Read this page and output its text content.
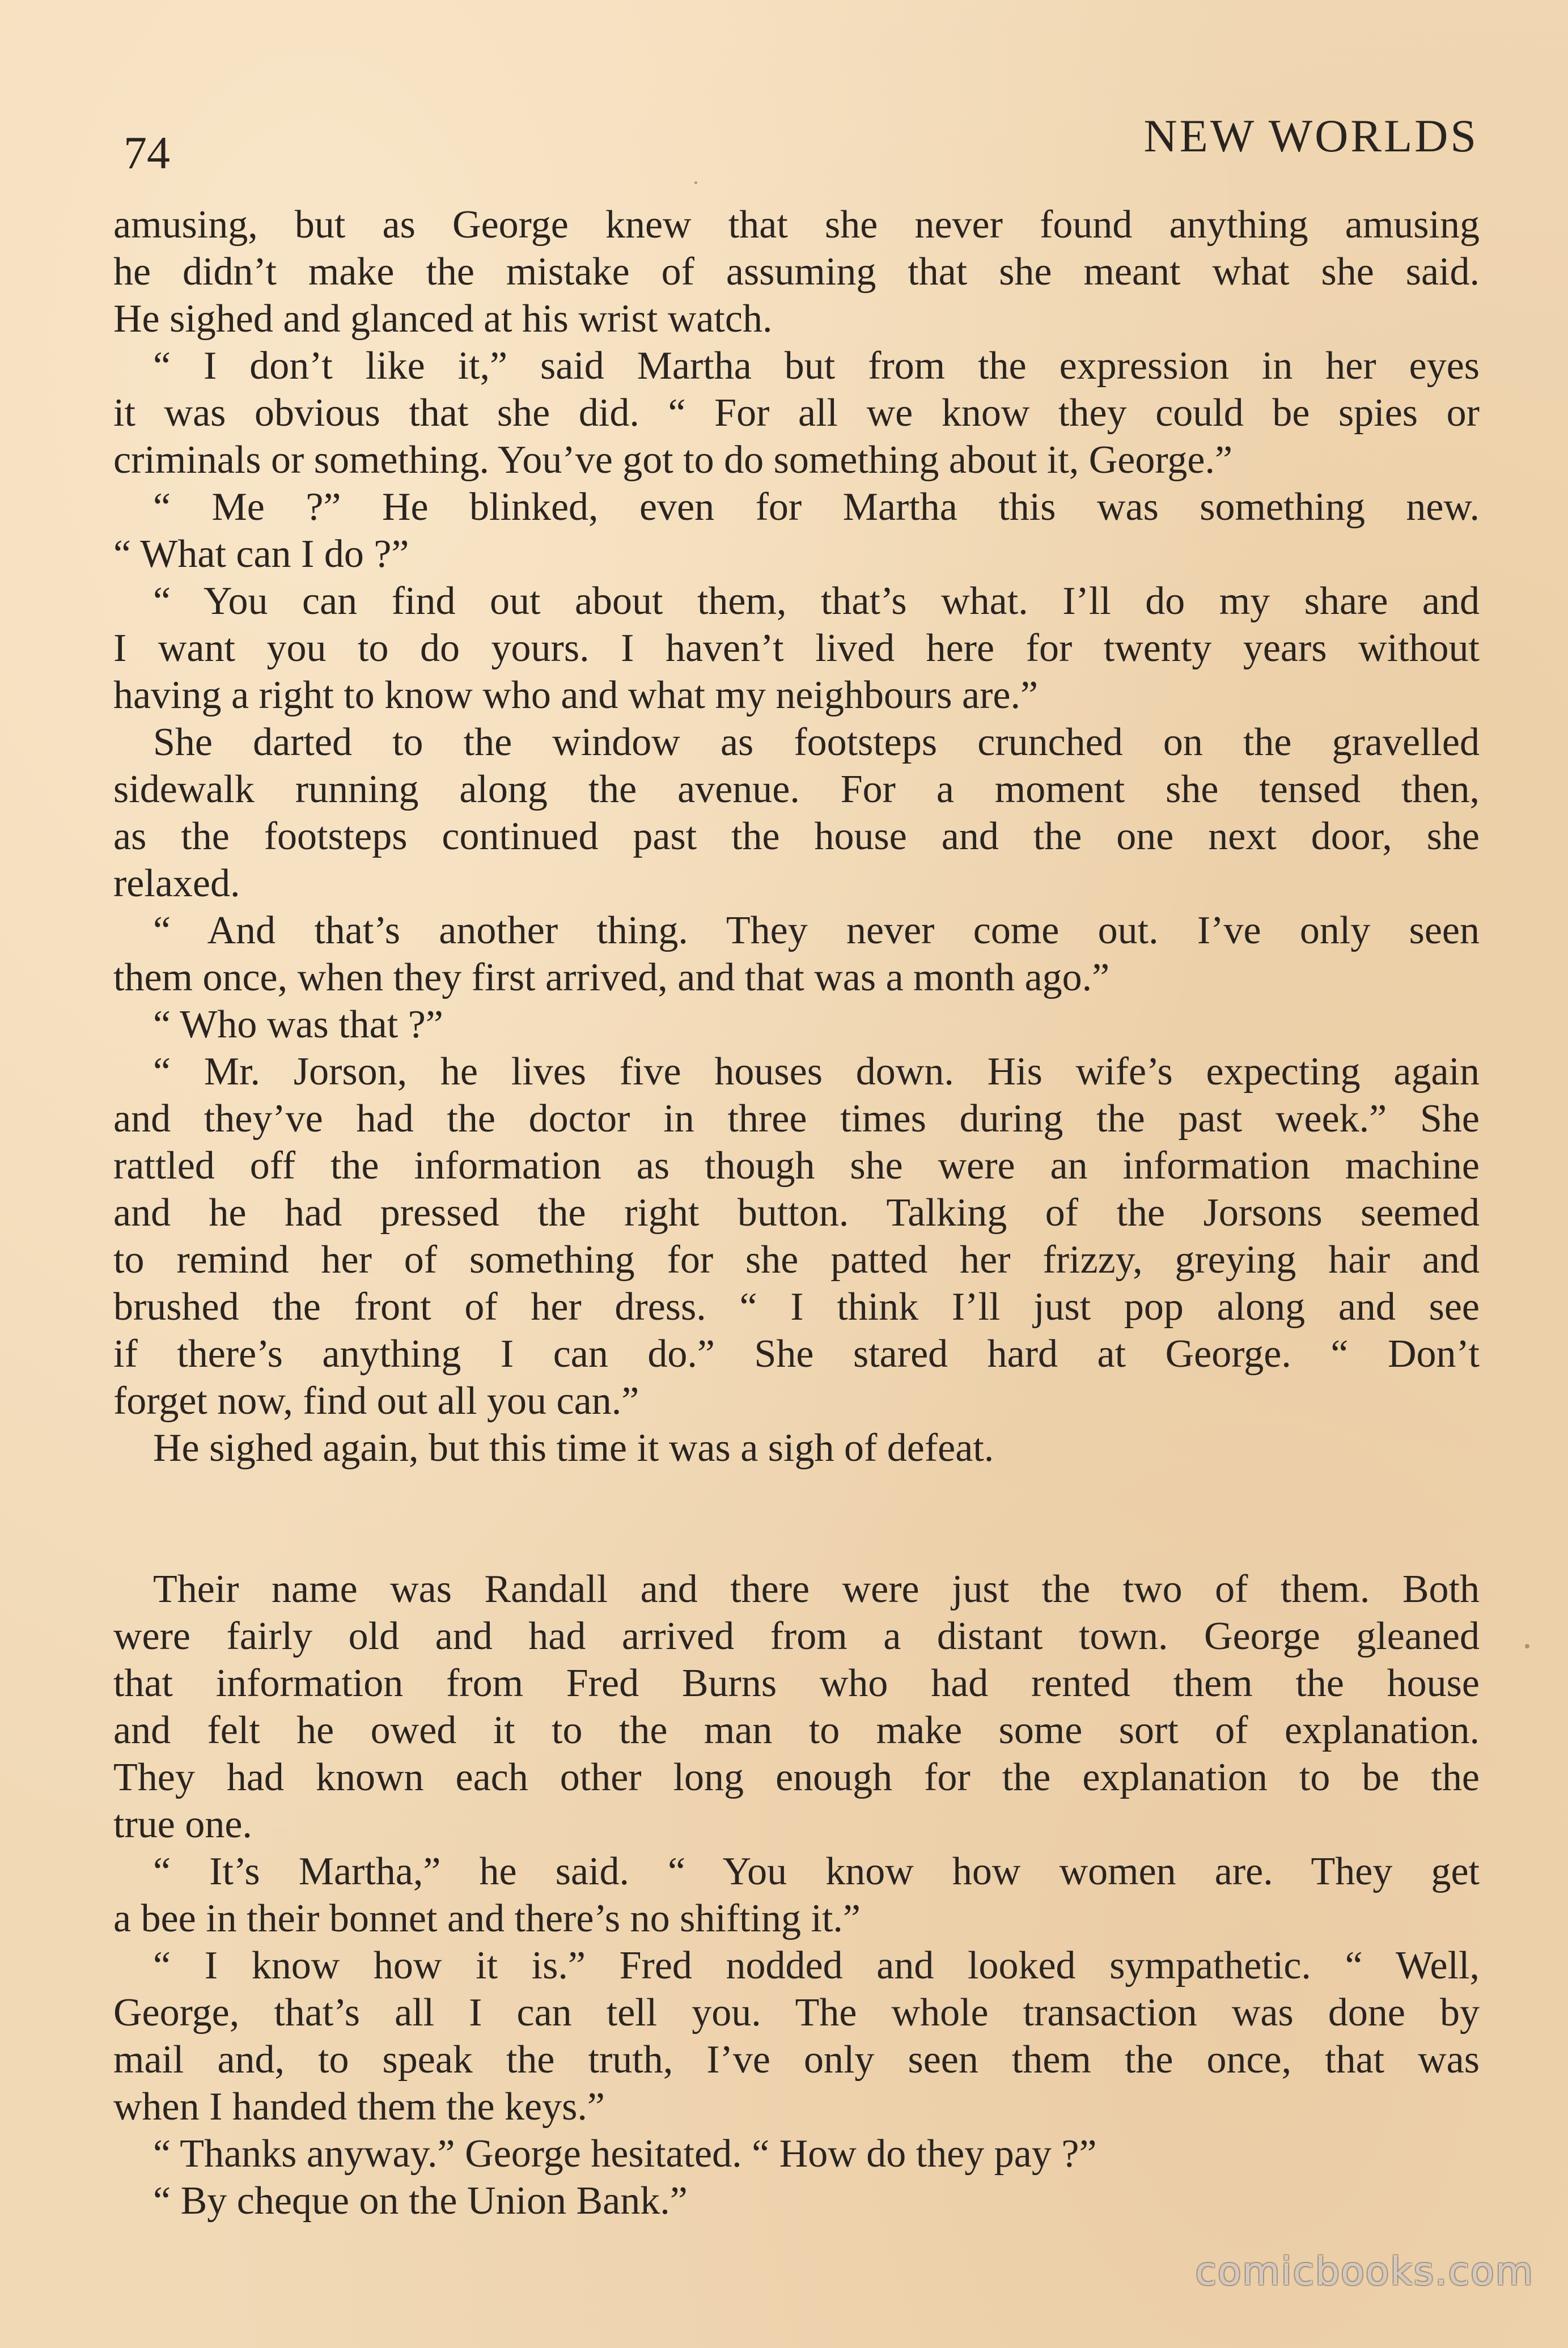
74	NEW WORLDS
amusing, but as George knew that she never found anything amusing
he didn’t make the mistake of assuming that she meant what she said.
He sighed and glanced at his wrist watch.
“ I don’t like it,” said Martha but from the expression in her eyes
it was obvious that she did. “ For all we know they could be spies or
criminals or something. You’ve got to do something about it, George.”
“ Me ?” He blinked, even for Martha this was something new.
“ What can I do ?”
“ You can find out about them, that’s what. I’ll do my share and
I want you to do yours. I haven’t lived here for twenty years without
having a right to know who and what my neighbours are.”
She darted to the window as footsteps crunched on the gravelled
sidewalk running along the avenue. For a moment she tensed then,
as the footsteps continued past the house and the one next door, she
relaxed.
“ And that’s another thing. They never come out. I’ve only seen
them once, when they first arrived, and that was a month ago.”
“ Who was that ?”
“ Mr. Jorson, he lives five houses down. His wife’s expecting again
and they’ve had the doctor in three times during the past week.” She
rattled off the information as though she were an information machine
and he had pressed the right button. Talking of the Jorsons seemed
to remind her of something for she patted her frizzy, greying hair and
brushed the front of her dress. “ I think I’ll just pop along and see
if there’s anything I can do.” She stared hard at George. “ Don’t
forget now, find out all you can.”
He sighed again, but this time it was a sigh of defeat.
Their name was Randall and there were just the two of them. Both
were fairly old and had arrived from a distant town. George gleaned
that information from Fred Burns who had rented them the house
and felt he owed it to the man to make some sort of explanation.
They had known each other long enough for the explanation to be the
true one.
“ It’s Martha,” he said. “ You know how women are. They get
a bee in their bonnet and there’s no shifting it.”
“ I know how it is.” Fred nodded and looked sympathetic. “ Well,
George, that’s all I can tell you. The whole transaction was done by
mail and, to speak the truth, I’ve only seen them the once, that was
when I handed them the keys.”
“ Thanks anyway.” George hesitated. “ How do they pay ?”
“ By cheque on the Union Bank.”
comicbooks.com
